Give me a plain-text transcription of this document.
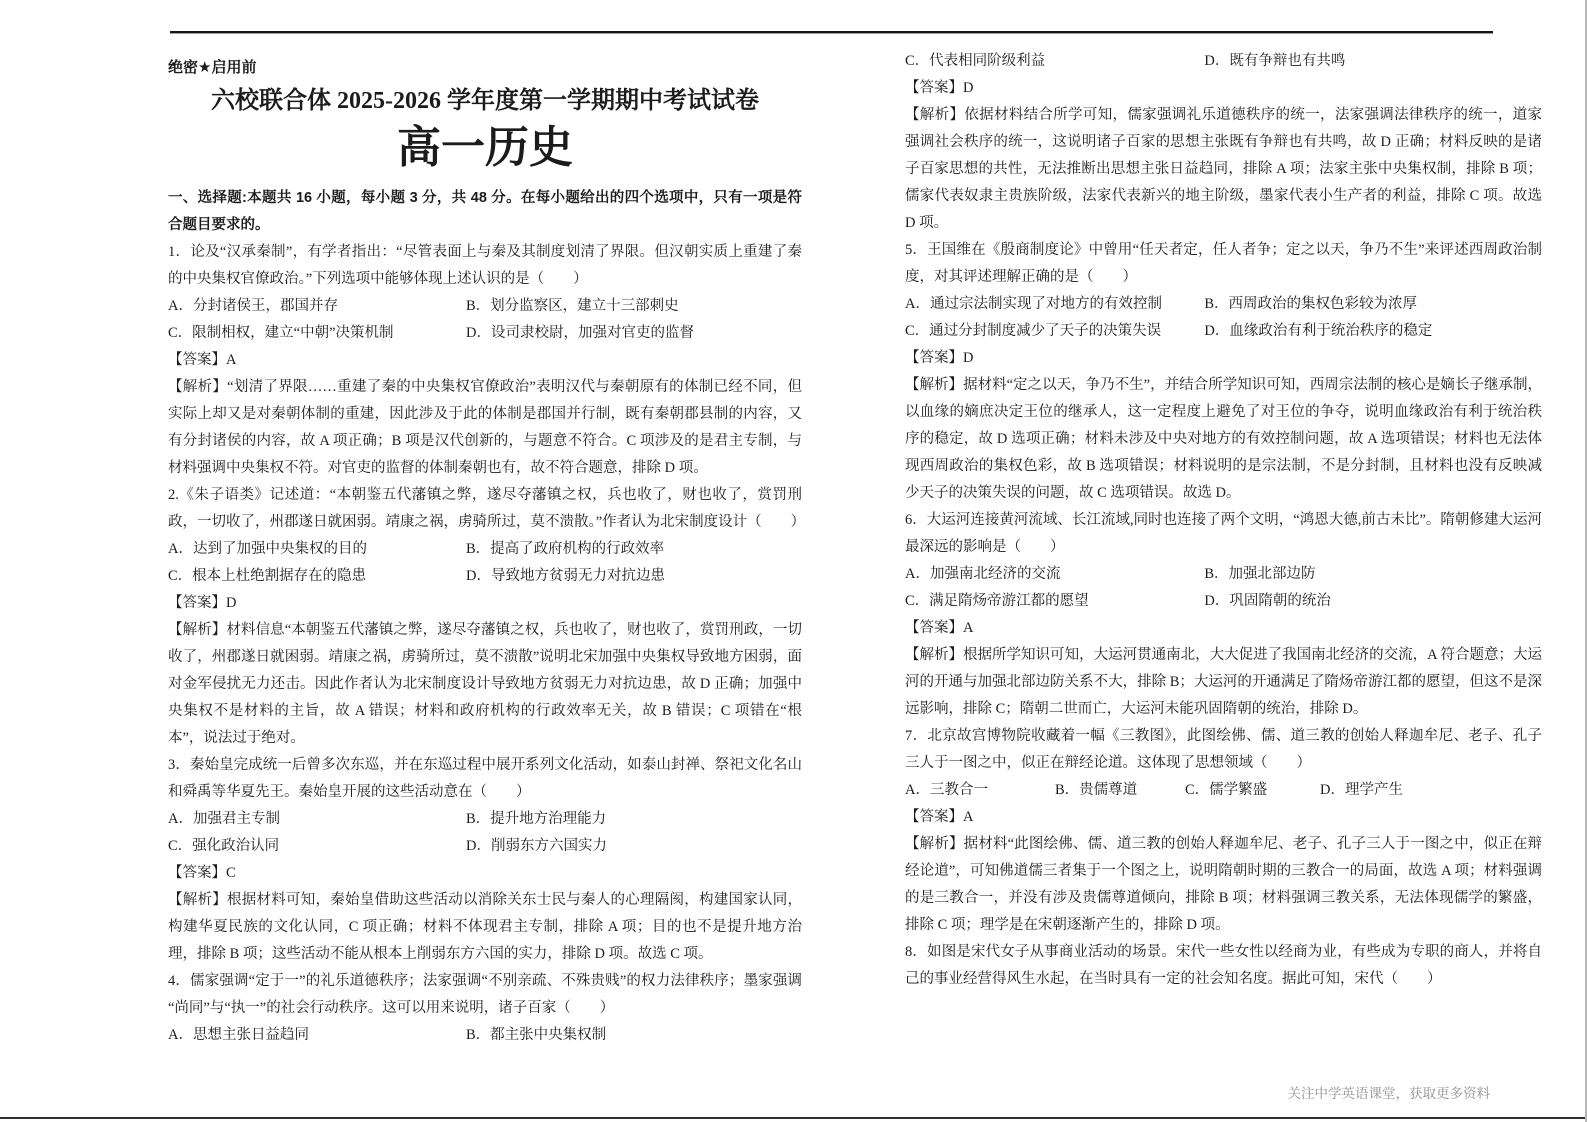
绝密★启用前

六校联合体 2025-2026 学年度第一学期期中考试试卷

高一历史

一、选择题:本题共 16 小题，每小题 3 分，共 48 分。在每小题给出的四个选项中，只有一项是符合题目要求的。

1．论及“汉承秦制”，有学者指出：“尽管表面上与秦及其制度划清了界限。但汉朝实质上重建了秦的中央集权官僚政治。”下列选项中能够体现上述认识的是（　　）

A．分封诸侯王，郡国并存	B．划分监察区，建立十三部刺史

C．限制相权，建立“中朝”决策机制	D．设司隶校尉，加强对官吏的监督

【答案】A

【解析】“划清了界限……重建了秦的中央集权官僚政治”表明汉代与秦朝原有的体制已经不同，但实际上却又是对秦朝体制的重建，因此涉及于此的体制是郡国并行制，既有秦朝郡县制的内容，又有分封诸侯的内容，故 A 项正确；B 项是汉代创新的，与题意不符合。C 项涉及的是君主专制，与材料强调中央集权不符。对官吏的监督的体制秦朝也有，故不符合题意，排除 D 项。

2.《朱子语类》记述道：“本朝鉴五代藩镇之弊，遂尽夺藩镇之权，兵也收了，财也收了，赏罚刑政，一切收了，州郡遂日就困弱。靖康之祸，虏骑所过，莫不溃散。”作者认为北宋制度设计（　　）

A．达到了加强中央集权的目的	B．提高了政府机构的行政效率

C．根本上杜绝割据存在的隐患	D．导致地方贫弱无力对抗边患

【答案】D

【解析】材料信息“本朝鉴五代藩镇之弊，遂尽夺藩镇之权，兵也收了，财也收了，赏罚刑政，一切收了，州郡遂日就困弱。靖康之祸，虏骑所过，莫不溃散”说明北宋加强中央集权导致地方困弱，面对金军侵扰无力还击。因此作者认为北宋制度设计导致地方贫弱无力对抗边患，故 D 正确；加强中央集权不是材料的主旨，故 A 错误；材料和政府机构的行政效率无关，故 B 错误；C 项错在“根本”，说法过于绝对。

3．秦始皇完成统一后曾多次东巡，并在东巡过程中展开系列文化活动，如泰山封禅、祭祀文化名山和舜禹等华夏先王。秦始皇开展的这些活动意在（　　）

A．加强君主专制	B．提升地方治理能力

C．强化政治认同	D．削弱东方六国实力

【答案】C

【解析】根据材料可知，秦始皇借助这些活动以消除关东士民与秦人的心理隔阂，构建国家认同，构建华夏民族的文化认同，C 项正确；材料不体现君主专制，排除 A 项；目的也不是提升地方治理，排除 B 项；这些活动不能从根本上削弱东方六国的实力，排除 D 项。故选 C 项。

4．儒家强调“定于一”的礼乐道德秩序；法家强调“不别亲疏、不殊贵贱”的权力法律秩序；墨家强调“尚同”与“执一”的社会行动秩序。这可以用来说明，诸子百家（　　）

A．思想主张日益趋同	B．都主张中央集权制

C．代表相同阶级利益	D．既有争辩也有共鸣

【答案】D

【解析】依据材料结合所学可知，儒家强调礼乐道德秩序的统一，法家强调法律秩序的统一，道家强调社会秩序的统一，这说明诸子百家的思想主张既有争辩也有共鸣，故 D 正确；材料反映的是诸子百家思想的共性，无法推断出思想主张日益趋同，排除 A 项；法家主张中央集权制，排除 B 项；儒家代表奴隶主贵族阶级，法家代表新兴的地主阶级，墨家代表小生产者的利益，排除 C 项。故选 D 项。

5．王国维在《殷商制度论》中曾用“任天者定，任人者争；定之以天，争乃不生”来评述西周政治制度，对其评述理解正确的是（　　）

A．通过宗法制实现了对地方的有效控制	B．西周政治的集权色彩较为浓厚

C．通过分封制度减少了天子的决策失误	D．血缘政治有利于统治秩序的稳定

【答案】D

【解析】据材料“定之以天，争乃不生”，并结合所学知识可知，西周宗法制的核心是嫡长子继承制，以血缘的嫡庶决定王位的继承人，这一定程度上避免了对王位的争夺，说明血缘政治有利于统治秩序的稳定，故 D 选项正确；材料未涉及中央对地方的有效控制问题，故 A 选项错误；材料也无法体现西周政治的集权色彩，故 B 选项错误；材料说明的是宗法制，不是分封制，且材料也没有反映减少天子的决策失误的问题，故 C 选项错误。故选 D。

6．大运河连接黄河流域、长江流域,同时也连接了两个文明，“鸿恩大德,前古未比”。隋朝修建大运河最深远的影响是（　　）

A．加强南北经济的交流	B．加强北部边防

C．满足隋炀帝游江都的愿望	D．巩固隋朝的统治

【答案】A

【解析】根据所学知识可知，大运河贯通南北，大大促进了我国南北经济的交流，A 符合题意；大运河的开通与加强北部边防关系不大，排除 B；大运河的开通满足了隋炀帝游江都的愿望，但这不是深远影响，排除 C；隋朝二世而亡，大运河未能巩固隋朝的统治，排除 D。

7．北京故宫博物院收藏着一幅《三教图》，此图绘佛、儒、道三教的创始人释迦牟尼、老子、孔子三人于一图之中，似正在辩经论道。这体现了思想领域（　　）

A．三教合一	B．贵儒尊道	C．儒学繁盛	D．理学产生

【答案】A

【解析】据材料“此图绘佛、儒、道三教的创始人释迦牟尼、老子、孔子三人于一图之中，似正在辩经论道”，可知佛道儒三者集于一个图之上，说明隋朝时期的三教合一的局面，故选 A 项；材料强调的是三教合一，并没有涉及贵儒尊道倾向，排除 B 项；材料强调三教关系，无法体现儒学的繁盛，排除 C 项；理学是在宋朝逐渐产生的，排除 D 项。

8．如图是宋代女子从事商业活动的场景。宋代一些女性以经商为业，有些成为专职的商人，并将自己的事业经营得风生水起，在当时具有一定的社会知名度。据此可知，宋代（　　）

关注中学英语课堂，获取更多资料
